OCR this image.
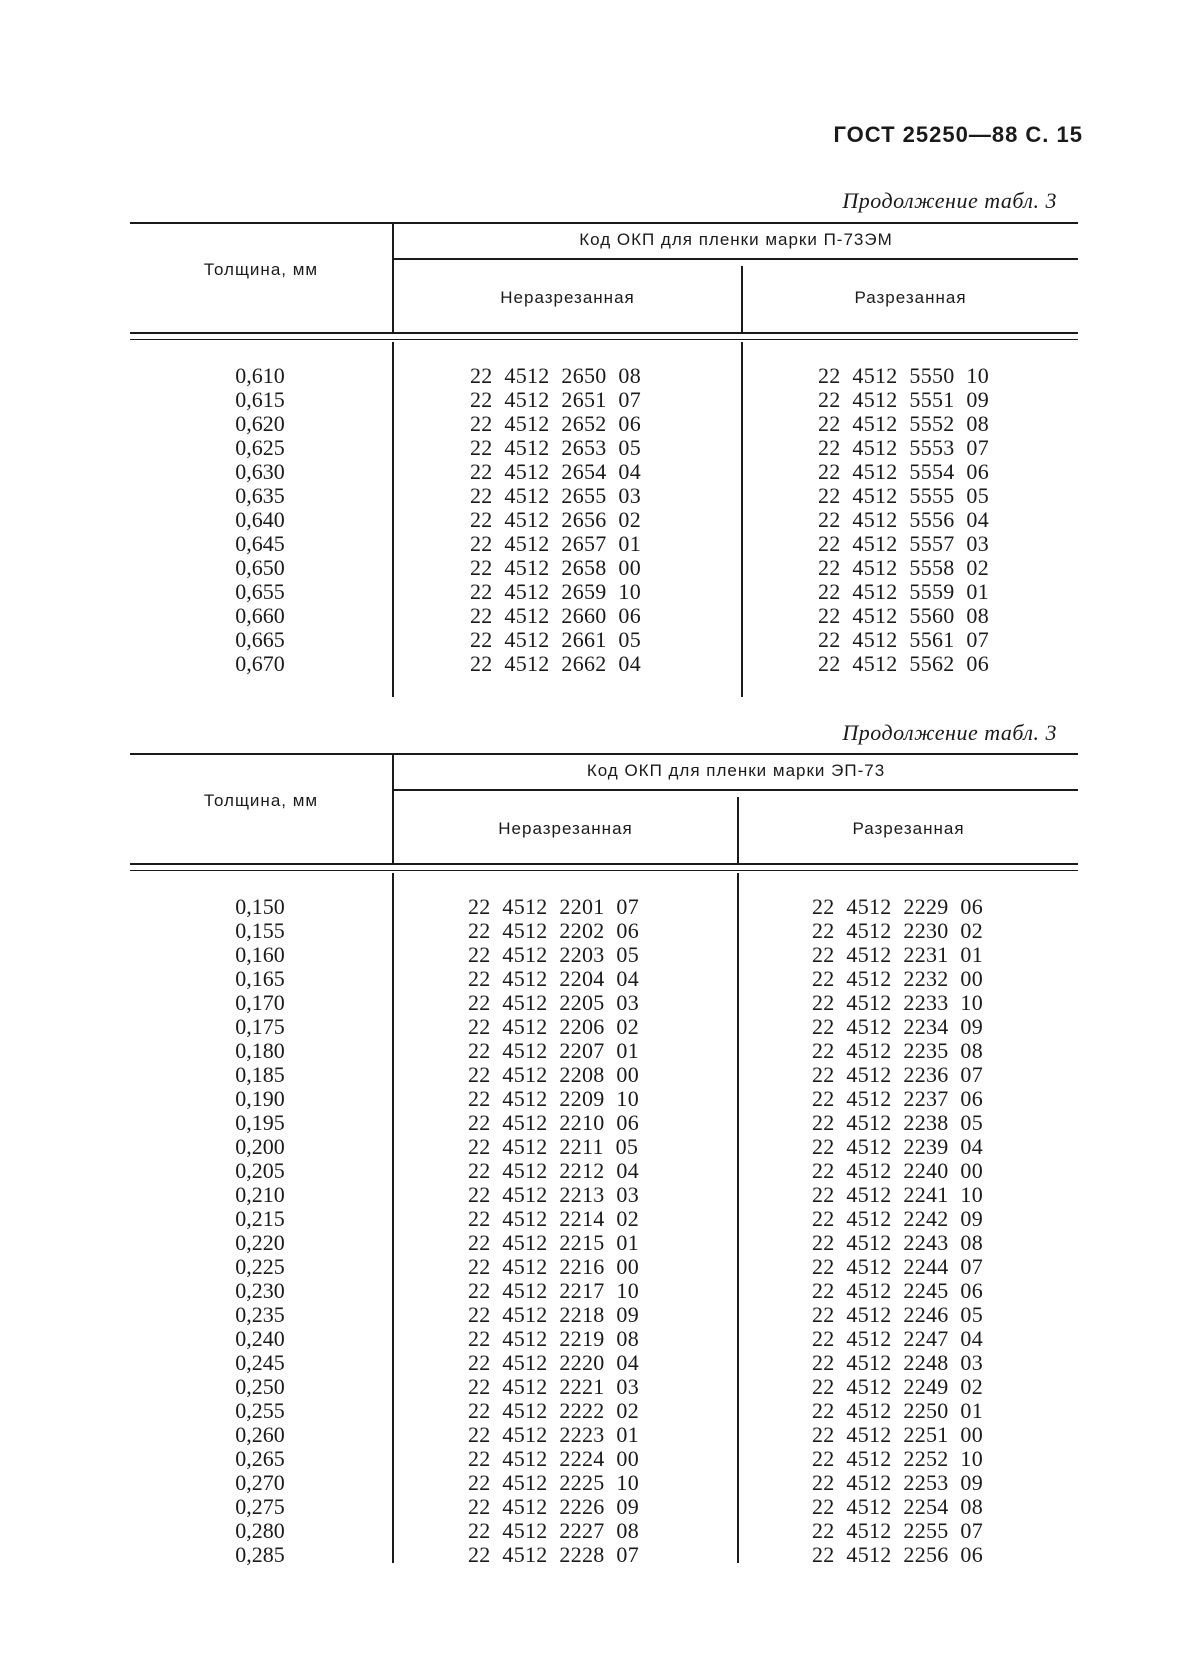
ГОСТ 25250—88 С. 15
Продолжение табл. 3
Толщина, мм
Код ОКП для пленки марки П-73ЭМ
Неразрезанная	Разрезанная
0,610
0,615
0,620
0,625
0,630
0,635
0,640
0,645
0,650
0,655
0,660
0,665
0,670
22 4512 2650 08
22 4512 2651 07
22 4512 2652 06
22 4512 2653 05
22 4512 2654 04
22 4512 2655 03
22 4512 2656 02
22 4512 2657 01
22 4512 2658 00
22 4512 2659 10
22 4512 2660 06
22 4512 2661 05
22 4512 2662 04
22 4512 5550 10
22 4512 5551 09
22 4512 5552 08
22 4512 5553 07
22 4512 5554 06
22 4512 5555 05
22 4512 5556 04
22 4512 5557 03
22 4512 5558 02
22 4512 5559 01
22 4512 5560 08
22 4512 5561 07
22 4512 5562 06
Продолжение табл. 3
Толщина, мм
Код ОКП для пленки марки ЭП-73
Неразрезанная	Разрезанная
0,150
0,155
0,160
0,165
0,170
0,175
0,180
0,185
0,190
0,195
0,200
0,205
0,210
0,215
0,220
0,225
0,230
0,235
0,240
0,245
0,250
0,255
0,260
0,265
0,270
0,275
0,280
0,285
22 4512 2201 07
22 4512 2202 06
22 4512 2203 05
22 4512 2204 04
22 4512 2205 03
22 4512 2206 02
22 4512 2207 01
22 4512 2208 00
22 4512 2209 10
22 4512 2210 06
22 4512 2211 05
22 4512 2212 04
22 4512 2213 03
22 4512 2214 02
22 4512 2215 01
22 4512 2216 00
22 4512 2217 10
22 4512 2218 09
22 4512 2219 08
22 4512 2220 04
22 4512 2221 03
22 4512 2222 02
22 4512 2223 01
22 4512 2224 00
22 4512 2225 10
22 4512 2226 09
22 4512 2227 08
22 4512 2228 07
22 4512 2229 06
22 4512 2230 02
22 4512 2231 01
22 4512 2232 00
22 4512 2233 10
22 4512 2234 09
22 4512 2235 08
22 4512 2236 07
22 4512 2237 06
22 4512 2238 05
22 4512 2239 04
22 4512 2240 00
22 4512 2241 10
22 4512 2242 09
22 4512 2243 08
22 4512 2244 07
22 4512 2245 06
22 4512 2246 05
22 4512 2247 04
22 4512 2248 03
22 4512 2249 02
22 4512 2250 01
22 4512 2251 00
22 4512 2252 10
22 4512 2253 09
22 4512 2254 08
22 4512 2255 07
22 4512 2256 06
